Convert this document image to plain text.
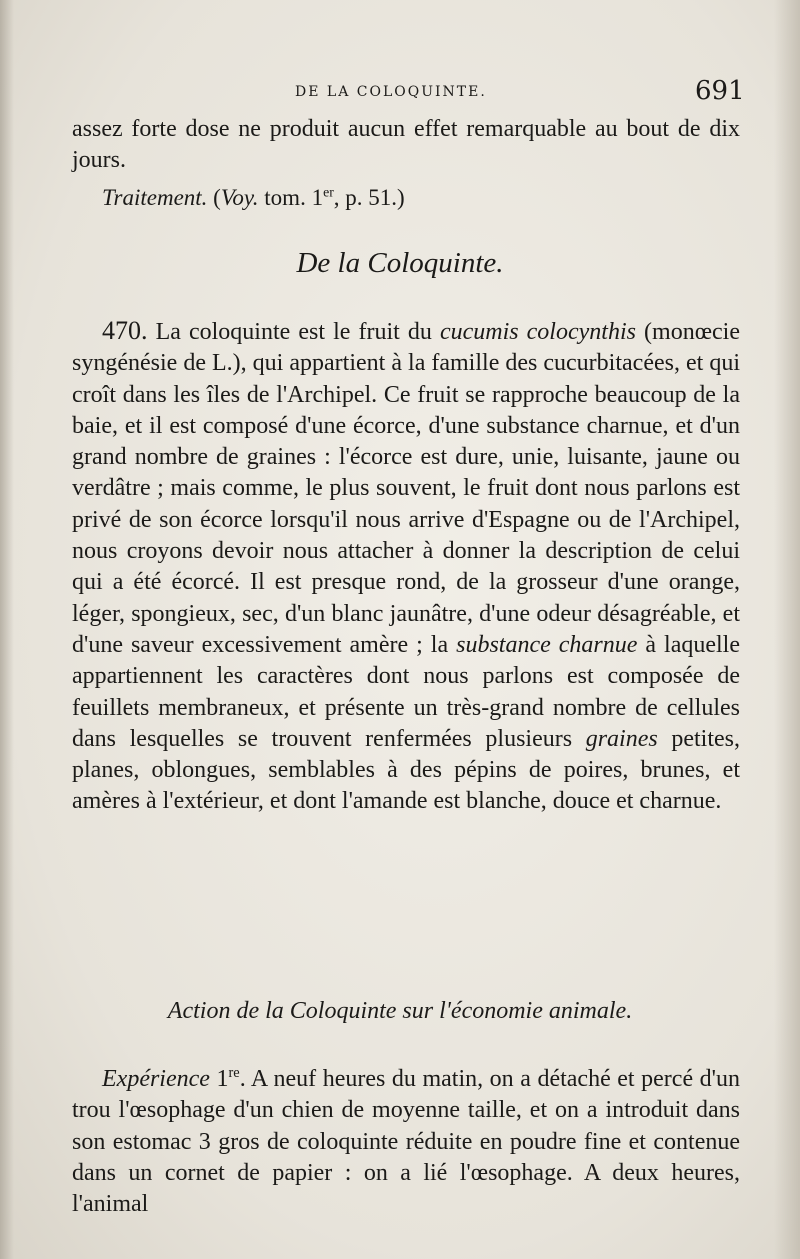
DE LA COLOQUINTE.	691
assez forte dose ne produit aucun effet remarquable au bout de dix jours.
Traitement. (Voy. tom. 1er, p. 51.)
De la Coloquinte.
470. La coloquinte est le fruit du cucumis colocynthis (monœcie syngénésie de L.), qui appartient à la famille des cucurbitacées, et qui croît dans les îles de l'Archipel. Ce fruit se rapproche beaucoup de la baie, et il est composé d'une écorce, d'une substance charnue, et d'un grand nombre de graines : l'écorce est dure, unie, luisante, jaune ou verdâtre ; mais comme, le plus souvent, le fruit dont nous parlons est privé de son écorce lorsqu'il nous arrive d'Espagne ou de l'Archipel, nous croyons devoir nous attacher à donner la description de celui qui a été écorcé. Il est presque rond, de la grosseur d'une orange, léger, spongieux, sec, d'un blanc jaunâtre, d'une odeur désagréable, et d'une saveur excessivement amère ; la substance charnue à laquelle appartiennent les caractères dont nous parlons est composée de feuillets membraneux, et présente un très-grand nombre de cellules dans lesquelles se trouvent renfermées plusieurs graines petites, planes, oblongues, semblables à des pépins de poires, brunes, et amères à l'extérieur, et dont l'amande est blanche, douce et charnue.
Action de la Coloquinte sur l'économie animale.
Expérience 1re. A neuf heures du matin, on a détaché et percé d'un trou l'œsophage d'un chien de moyenne taille, et on a introduit dans son estomac 3 gros de coloquinte réduite en poudre fine et contenue dans un cornet de papier : on a lié l'œsophage. A deux heures, l'animal
